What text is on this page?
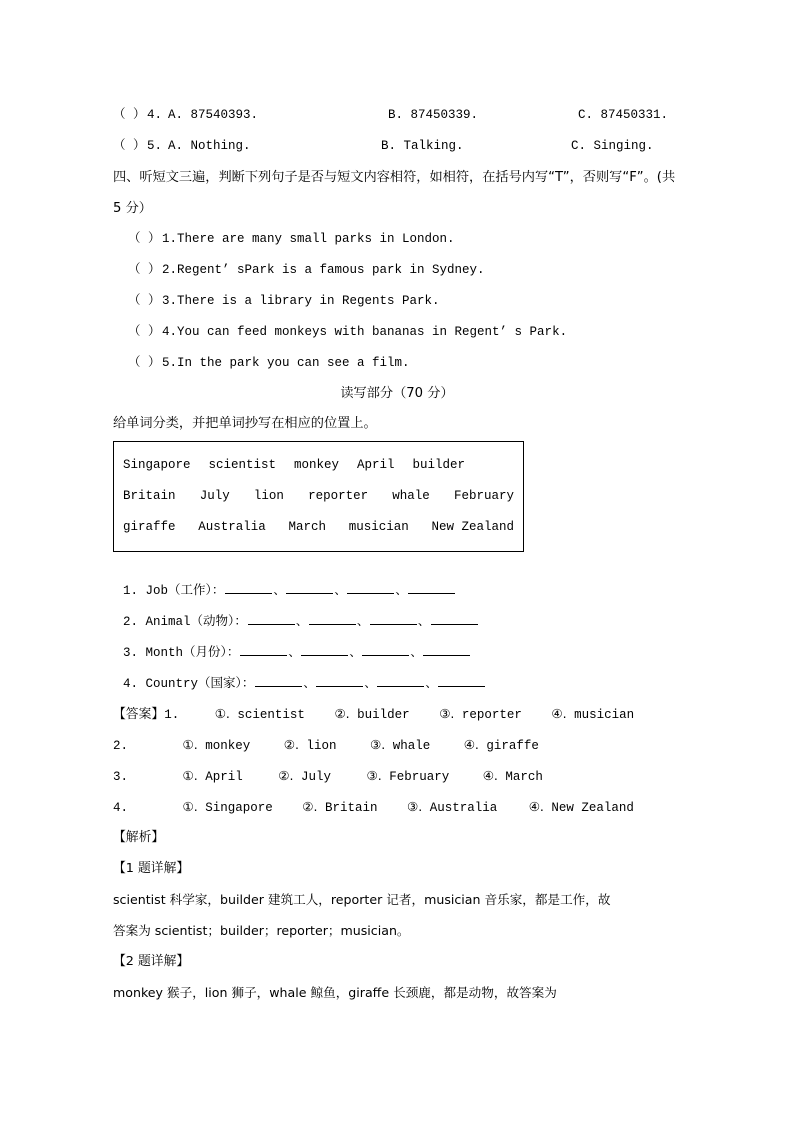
（ ）4. A. 87540393.	B. 87450339.	C. 87450331.
（ ）5. A. Nothing.	B. Talking.	C. Singing.

四、听短文三遍，判断下列句子是否与短文内容相符，如相符，在括号内写“T”，否则写“F”。(共 5 分）

（ ）1.There are many small parks in London.
（ ）2.Regent’ sPark is a famous park in Sydney.
（ ）3.There is a library in Regents Park.
（ ）4.You can feed monkeys with bananas in Regent’ s Park.
（ ）5.In the park you can see a film.
读写部分（70 分）
给单词分类，并把单词抄写在相应的位置上。
Singapore scientist monkey April builder
Britain July lion reporter whale February
giraffe Australia March musician New Zealand
1. Job（工作）：	、	、	、
2. Animal（动物）：	、	、	、
3. Month（月份）：	、	、	、
4. Country（国家）：	、	、	、
【答案】1.	①. scientist ②. builder ③. reporter ④. musician
2.	①. monkey	②. lion	③. whale	④. giraffe
3.	①. April	②. July	③. February	④. March
4.	①. Singapore ②. Britain ③. Australia	④. New Zealand
【解析】
【1 题详解】
scientist 科学家，builder 建筑工人，reporter 记者，musician 音乐家，都是工作，故
答案为 scientist；builder；reporter；musician。
【2 题详解】
monkey 猴子，lion 狮子，whale 鲸鱼，giraffe 长颈鹿，都是动物，故答案为
